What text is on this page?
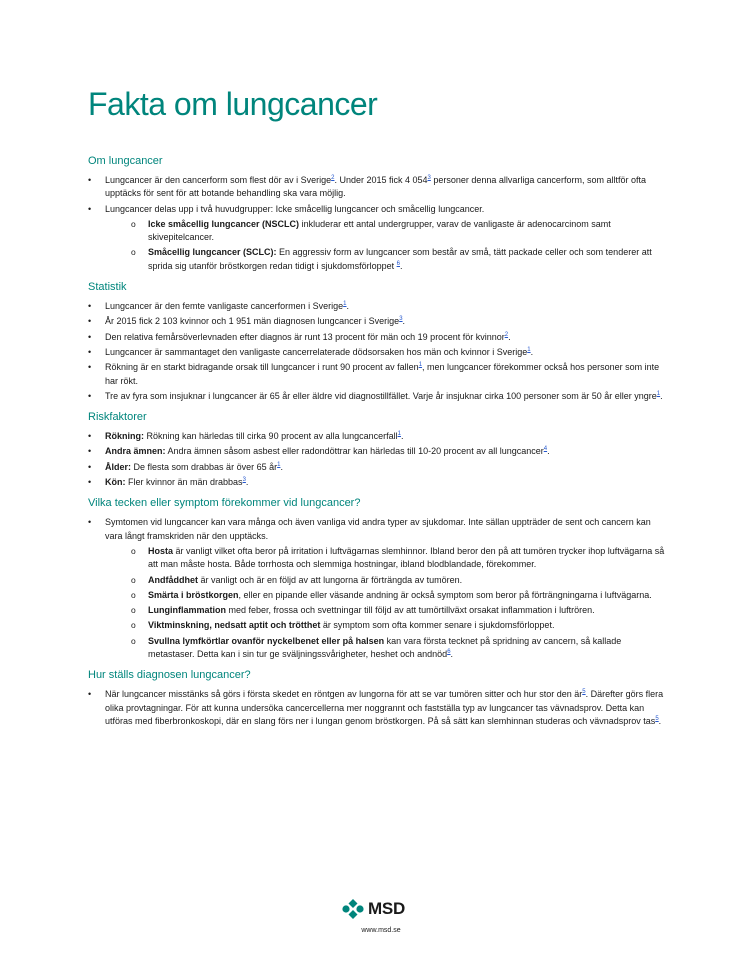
Fakta om lungcancer
Om lungcancer
• Lungcancer är den cancerform som flest dör av i Sverige$^2$. Under 2015 fick 4 054$^3$ personer denna allvarliga cancerform, som alltför ofta upptäcks för sent för att botande behandling ska vara möjlig.
• Lungcancer delas upp i två huvudgrupper: Icke småcellig lungcancer och småcellig lungcancer.
o Icke småcellig lungcancer (NSCLC) inkluderar ett antal undergrupper, varav de vanligaste är adenocarcinom samt skivepitelcancer.
o Småcellig lungcancer (SCLC): En aggressiv form av lungcancer som består av små, tätt packade celler och som tenderer att sprida sig utanför bröstkorgen redan tidigt i sjukdomsförloppet $^6$.
Statistik
• Lungcancer är den femte vanligaste cancerformen i Sverige$^1$.
• År 2015 fick 2 103 kvinnor och 1 951 män diagnosen lungcancer i Sverige$^3$.
• Den relativa femårsöverlevnaden efter diagnos är runt 13 procent för män och 19 procent för kvinnor$^2$.
• Lungcancer är sammantaget den vanligaste cancerrelaterade dödsorsaken hos män och kvinnor i Sverige$^1$.
• Rökning är en starkt bidragande orsak till lungcancer i runt 90 procent av fallen$^1$, men lungcancer förekommer också hos personer som inte har rökt.
• Tre av fyra som insjuknar i lungcancer är 65 år eller äldre vid diagnostillfället. Varje år insjuknar cirka 100 personer som är 50 år eller yngre$^1$.
Riskfaktorer
• Rökning: Rökning kan härledas till cirka 90 procent av alla lungcancerfall$^1$.
• Andra ämnen: Andra ämnen såsom asbest eller radondöttrar kan härledas till 10-20 procent av all lungcancer$^4$.
• Ålder: De flesta som drabbas är över 65 år$^1$.
• Kön: Fler kvinnor än män drabbas$^3$.
Vilka tecken eller symptom förekommer vid lungcancer?
• Symtomen vid lungcancer kan vara många och även vanliga vid andra typer av sjukdomar. Inte sällan uppträder de sent och cancern kan vara långt framskriden när den upptäcks.
o Hosta är vanligt vilket ofta beror på irritation i luftvägarnas slemhinnor. Ibland beror den på att tumören trycker ihop luftvägarna så att man måste hosta. Både torrhosta och slemmiga hostningar, ibland blodblandade, förekommer.
o Andfåddhet är vanligt och är en följd av att lungorna är förträngda av tumören.
o Smärta i bröstkorgen, eller en pipande eller väsande andning är också symptom som beror på förträngningarna i luftvägarna.
o Lunginflammation med feber, frossa och svettningar till följd av att tumörtillväxt orsakat inflammation i luftrören.
o Viktminskning, nedsatt aptit och trötthet är symptom som ofta kommer senare i sjukdomsförloppet.
o Svullna lymfkörtlar ovanför nyckelbenet eller på halsen kan vara första tecknet på spridning av cancern, så kallade metastaser. Detta kan i sin tur ge sväljningssvårigheter, heshet och andnöd$^6$.
Hur ställs diagnosen lungcancer?
• När lungcancer misstänks så görs i första skedet en röntgen av lungorna för att se var tumören sitter och hur stor den är$^5$. Därefter görs flera olika provtagningar. För att kunna undersöka cancercellerna mer noggrannt och fastställa typ av lungcancer tas vävnadsprov. Detta kan utföras med fiberbronkoskopi, där en slang förs ner i lungan genom bröstkorgen. På så sätt kan slemhinnan studeras och vävnadsprov tas$^5$.
MSD
www.msd.se
